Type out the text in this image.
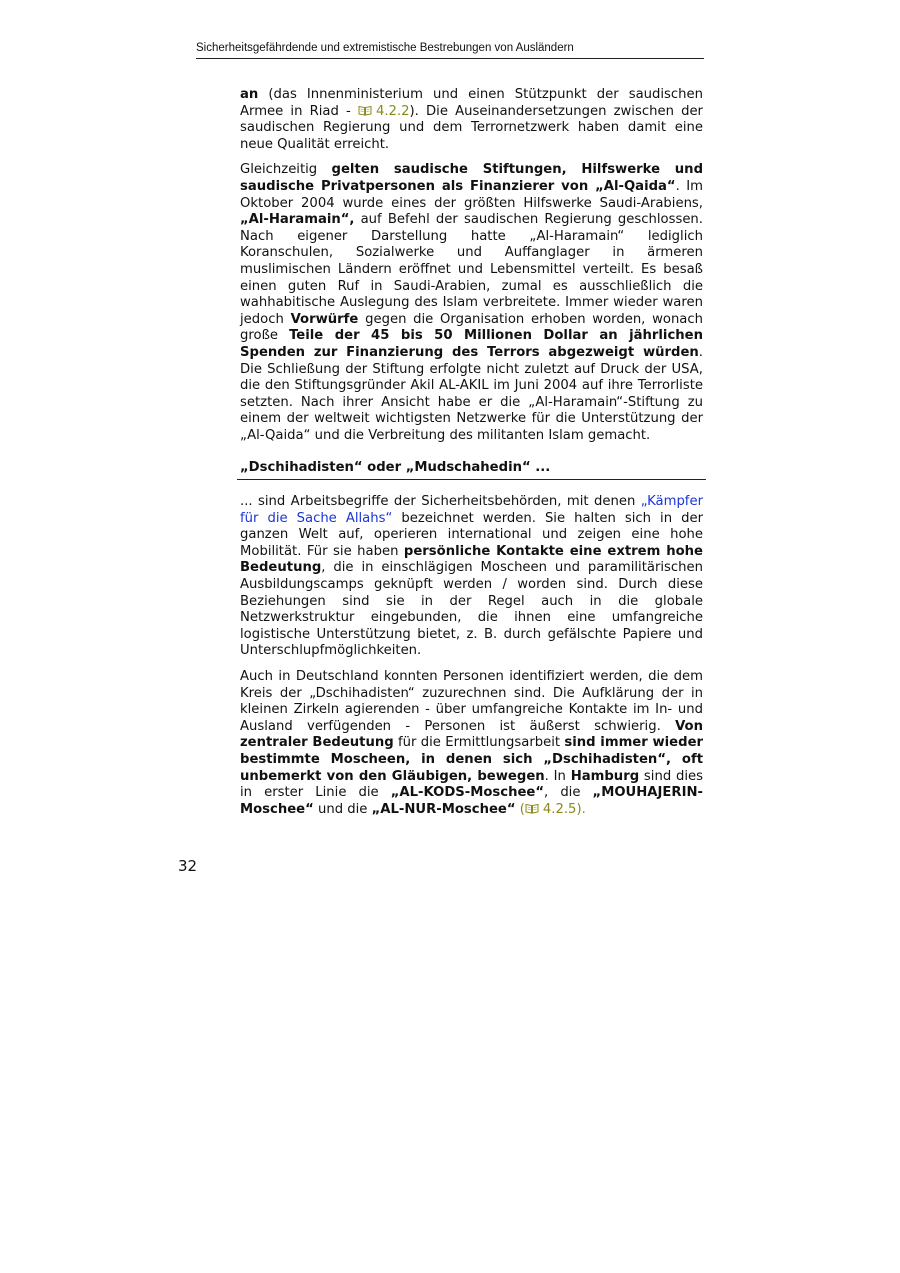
Sicherheitsgefährdende und extremistische Bestrebungen von Ausländern

an (das Innenministerium und einen Stützpunkt der saudischen Armee in Riad - 4.2.2). Die Auseinandersetzungen zwischen der saudischen Regierung und dem Terrornetzwerk haben damit eine neue Qualität erreicht.

Gleichzeitig gelten saudische Stiftungen, Hilfswerke und saudische Privatpersonen als Finanzierer von „Al-Qaida“. Im Oktober 2004 wurde eines der größten Hilfswerke Saudi-Arabiens, „Al-Haramain“, auf Befehl der saudischen Regierung geschlossen. Nach eigener Darstellung hatte „Al-Haramain“ lediglich Koranschulen, Sozialwerke und Auffanglager in ärmeren muslimischen Ländern eröffnet und Lebensmittel verteilt. Es besaß einen guten Ruf in Saudi-Arabien, zumal es ausschließlich die wahhabitische Auslegung des Islam verbreitete. Immer wieder waren jedoch Vorwürfe gegen die Organisation erhoben worden, wonach große Teile der 45 bis 50 Millionen Dollar an jährlichen Spenden zur Finanzierung des Terrors abgezweigt würden. Die Schließung der Stiftung erfolgte nicht zuletzt auf Druck der USA, die den Stiftungsgründer Akil AL-AKIL im Juni 2004 auf ihre Terrorliste setzten. Nach ihrer Ansicht habe er die „Al-Haramain“-Stiftung zu einem der weltweit wichtigsten Netzwerke für die Unterstützung der „Al-Qaida“ und die Verbreitung des militanten Islam gemacht.

„Dschihadisten“ oder „Mudschahedin“ ...

... sind Arbeitsbegriffe der Sicherheitsbehörden, mit denen „Kämpfer für die Sache Allahs“ bezeichnet werden. Sie halten sich in der ganzen Welt auf, operieren international und zeigen eine hohe Mobilität. Für sie haben persönliche Kontakte eine extrem hohe Bedeutung, die in einschlägigen Moscheen und paramilitärischen Ausbildungscamps geknüpft werden / worden sind. Durch diese Beziehungen sind sie in der Regel auch in die globale Netzwerkstruktur eingebunden, die ihnen eine umfangreiche logistische Unterstützung bietet, z. B. durch gefälschte Papiere und Unterschlupfmöglichkeiten.

Auch in Deutschland konnten Personen identifiziert werden, die dem Kreis der „Dschihadisten“ zuzurechnen sind. Die Aufklärung der in kleinen Zirkeln agierenden - über umfangreiche Kontakte im In- und Ausland verfügenden - Personen ist äußerst schwierig. Von zentraler Bedeutung für die Ermittlungsarbeit sind immer wieder bestimmte Moscheen, in denen sich „Dschihadisten“, oft unbemerkt von den Gläubigen, bewegen. In Hamburg sind dies in erster Linie die „AL-KODS-Moschee“, die „MOUHAJERIN-Moschee“ und die „AL-NUR-Moschee“ ( 4.2.5).

32
